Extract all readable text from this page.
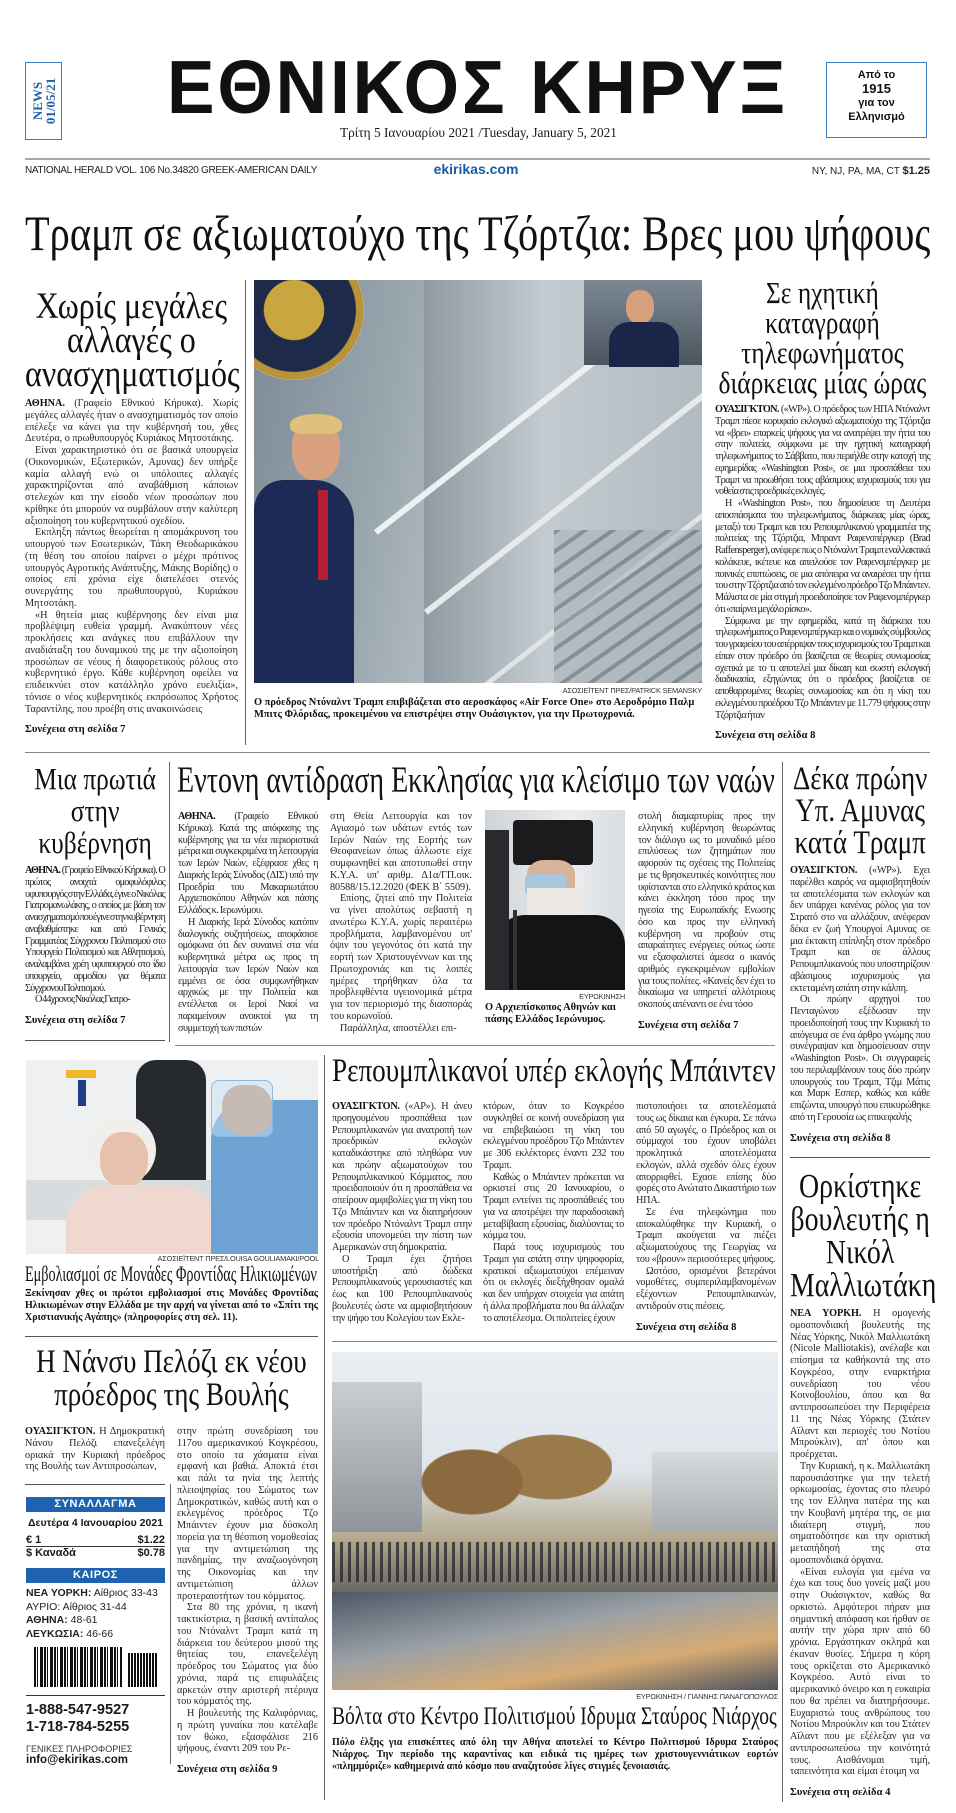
NEWS
01/05/21 ΕΘΝΙΚΟΣ ΚΗΡΥΞ
Τρίτη 5 Ιανουαρίου 2021 /Tuesday, January 5, 2021
Από το
1915
για τον
Ελληνισμό
NATIONAL HERALD VOL. 106 No.34820 GREEK-AMERICAN DAILY	ekirikas.com	NY, NJ, PA, MA, CT $1.25
Τραμπ σε αξιωματούχο της Τζόρτζια: Βρες μου ψήφους
Χωρίς μεγάλες αλλαγές ο ανασχηματισμός

ΑΘΗΝΑ. (Γραφείο Εθνικού Κήρυκα). Χωρίς μεγάλες αλλαγές ήταν ο ανασχηματισμός τον οποίο επέλεξε να κάνει για την κυβέρνησή του, χθες Δευτέρα, ο πρωθυπουργός Κυριάκος Μητσοτάκης.

Είναι χαρακτηριστικό ότι σε βασικά υπουργεία (Οικονομικών, Εξωτερικών, Αμυνας) δεν υπήρξε καμία αλλαγή ενώ οι υπόλοιπες αλλαγές χαρακτηρίζονται από αναβάθμιση κάποιων στελεχών και την είσοδο νέων προσώπων που κρίθηκε ότι μπορούν να συμβάλουν στην καλύτερη αξιοποίηση του κυβερνητικού σχεδίου.

Εκπληξη πάντως θεωρείται η απομάκρυνση του υπουργού των Εσωτερικών, Τάκη Θεοδωρικάκου (τη θέση του οποίου παίρνει ο μέχρι πρότινος υπουργός Αγροτικής Ανάπτυξης, Μάκης Βορίδης) ο οποίος επί χρόνια είχε διατελέσει στενός συνεργάτης του πρωθυπουργού, Κυριάκου Μητσοτάκη.

«Η θητεία μιας κυβέρνησης δεν είναι μια προβλέψιμη ευθεία γραμμή. Ανακύπτουν νέες προκλήσεις και ανάγκες που επιβάλλουν την αναδιάταξη του δυναμικού της με την αξιοποίηση προσώπων σε νέους ή διαφορετικούς ρόλους στο κυβερνητικό έργο. Κάθε κυβέρνηση οφείλει να επιδεικνύει στον κατάλληλο χρόνο ευελιξία», τόνισε ο νέος κυβερνητικός εκπρόσωπος Χρήστος Ταραντίλης, που προέβη στις ανακοινώσεις

Συνέχεια στη σελίδα 7
ΑΣΟΣΙΕΪΤΕΝΤ ΠΡΕΣ/PATRICK SEMANSKY

Ο πρόεδρος Ντόναλντ Τραμπ επιβιβάζεται στο αεροσκάφος «Air Force One» στο Αεροδρόμιο Παλμ Μπιτς Φλόριδας, προκειμένου να επιστρέψει στην Ουάσιγκτον, για την Πρωτοχρονιά.

Σε ηχητική καταγραφή τηλεφωνήματος διάρκειας μίας ώρας

ΟΥΑΣΙΓΚΤΟΝ. («WP»). Ο πρόεδρος των ΗΠΑ Ντόναλντ Τραμπ πίεσε κορυφαίο εκλογικό αξιωματούχο της Τζόρτζια να «βρει» επαρκείς ψήφους για να ανατρέψει την ήττα του στην πολιτεία, σύμφωνα με την ηχητική καταγραφή τηλεφωνήματος το Σάββατο, που περιήλθε στην κατοχή της εφημερίδας «Washington Post», σε μια προσπάθεια του Τραμπ να προωθήσει τους αβάσιμους ισχυρισμούς του για νοθεία στις προεδρικές εκλογές.

Η «Washington Post», που δημοσίευσε τη Δευτέρα αποσπάσματα του τηλεφωνήματος, διάρκειας μίας ώρας, μεταξύ του Τραμπ και του Ρεπουμπλικανού γραμματέα της πολιτείας της Τζόρτζια, Μπραντ Ραφενσπέργκερ (Brad Raffensperger), ανέφερε πως ο Ντόναλντ Τραμπ εναλλακτικά κολάκευε, ικέτευε και απειλούσε τον Ραφενσμπέργκερ με ποινικές επιπτώσεις, σε μια απόπειρα να αναιρέσει την ήττα του στην Τζόρτζια από τον εκλεγμένο πρόεδρο Τζο Μπάιντεν. Μάλιστα σε μία στιγμή προειδοποίησε τον Ραφενσμπέργκερ ότι «παίρνει μεγάλο ρίσκο».

Σύμφωνα με την εφημερίδα, κατά τη διάρκεια του τηλεφωνήματος ο Ραφενσμπέργκερ και ο νομικός σύμβουλος του γραφείου του απέρριψαν τους ισχυρισμούς του Τραμπ και είπαν στον πρόεδρο ότι βασίζεται σε θεωρίες συνωμοσίας σχετικά με το τι αποτελεί μια δίκαιη και σωστή εκλογική διαδικασία, εξηγώντας ότι ο πρόεδρος βασίζεται σε αποθαρρυμένες θεωρίες συνωμοσίας και ότι η νίκη του εκλεγμένου προέδρου Τζο Μπάιντεν με 11.779 ψήφους στην Τζόρτζια ήταν

Συνέχεια στη σελίδα 8
Μια πρωτιά στην κυβέρνηση

ΑΘΗΝΑ. (Γραφείο Εθνικού Κήρυκα). Ο πρώτος ανοιχτά ομοφυλόφιλος υφυπουργός στην Ελλάδα, έγινε ο Νικόλας Γιατρομανωλάκης, ο οποίος με βάση τον ανασχηματισμό που έγινε στην κυβέρνηση αναβαθμίστηκε και από Γενικός Γραμματέας Σύγχρονου Πολιτισμού στο Υπουργείο Πολιτισμού και Αθλητισμού, αναλαμβάνει χρέη υφυπουργού στο ίδιο υπουργείο, αρμοδίου για θέματα Σύγχρονου Πολιτισμού.

Ο 44χρονος Νικόλας Γιατρο-

Συνέχεια στη σελίδα 7
Εντονη αντίδραση Εκκλησίας για κλείσιμο των ναών

ΑΘΗΝΑ. (Γραφείο Εθνικού Κήρυκα). Κατά της απόφασης της κυβέρνησης για τα νέα περιοριστικά μέτρα και συγκεκριμένα τη λειτουργία των Ιερών Ναών, εξέφρασε χθες η Διαρκής Ιεράς Σύνοδος (ΔΙΣ) υπό την Προεδρία του Μακαριωτάτου Αρχιεπισκόπου Αθηνών και πάσης Ελλάδος κ. Ιερωνύμου.

Η Διαρκής Ιερά Σύνοδος κατόπιν διαλογικής συζητήσεως, αποφάσισε ομόφωνα ότι δεν συναινεί στα νέα κυβερνητικά μέτρα ως προς τη λειτουργία των Ιερών Ναών και εμμένει σε όσα συμφωνήθηκαν αρχικώς με την Πολιτεία και εντέλλεται οι Ιεροί Ναοί να παραμείνουν ανοικτοί για τη συμμετοχή των πιστών

στη Θεία Λειτουργία και τον Αγιασμό των υδάτων εντός των Ιερών Ναών της Εορτής των Θεοφανείων όπως άλλωστε είχε συμφωνηθεί και αποτυπωθεί στην Κ.Υ.Α. υπ' αριθμ. Δ1α/ΓΠ.οικ. 80588/15.12.2020 (ΦΕΚ Β΄ 5509).

Επίσης, ζητεί από την Πολιτεία να γίνει απολύτως σεβαστή η ανωτέρω Κ.Υ.Α. χωρίς περαιτέρω προβλήματα, λαμβανομένου υπ' όψιν του γεγονότος ότι κατά την εορτή των Χριστουγέννων και της Πρωτοχρονιάς και τις λοιπές ημέρες τηρήθηκαν όλα τα προβλεφθέντα υγειονομικά μέτρα για τον περιορισμό της διασποράς του κορωνοϊού.

Παράλληλα, αποστέλλει επι-

ΕΥΡΩΚΙΝΗΣΗ

Ο Αρχιεπίσκοπος Αθηνών και πάσης Ελλάδος Ιερώνυμος.

στολή διαμαρτυρίας προς την ελληνική κυβέρνηση θεωρώντας τον διάλογο ως το μοναδικό μέσο επιλύσεως των ζητημάτων που αφορούν τις σχέσεις της Πολιτείας με τις θρησκευτικές κοινότητες που υφίστανται στο ελληνικό κράτος και κάνει έκκληση τόσο προς την ηγεσία της Ευρωπαϊκής Ενωσης όσο και προς την ελληνική κυβέρνηση να προβούν στις απαραίτητες ενέργειες ούτως ώστε να εξασφαλιστεί άμεσα ο ικανός αριθμός εγκεκριμένων εμβολίων για τους πολίτες. «Κανείς δεν έχει το δικαίωμα να υπηρετεί αλλότριους σκοπούς απέναντι σε ένα τόσο

Συνέχεια στη σελίδα 7
Δέκα πρώην Υπ. Αμυνας κατά Τραμπ

ΟΥΑΣΙΓΚΤΟΝ. («WP»). Εχει παρέλθει καιρός να αμφισβητηθούν τα αποτελέσματα των εκλογών και δεν υπάρχει κανένας ρόλος για τον Στρατό στο να αλλάξουν, ανέφεραν δέκα εν ζωή Υπουργοί Αμυνας σε μια έκτακτη επίπληξη στον πρόεδρο Τραμπ και σε άλλους Ρεπουμπλικανούς που υποστηρίζουν αβάσιμους ισχυρισμούς για εκτεταμένη απάτη στην κάλπη.

Οι πρώην αρχηγοί του Πενταγώνου εξέδωσαν την προειδοποίησή τους την Κυριακή το απόγευμα σε ένα άρθρο γνώμης που συνέγραψαν και δημοσίευσαν στην «Washington Post». Οι συγγραφείς του περιλαμβάνουν τους δύο πρώην υπουργούς του Τραμπ, Τζιμ Μάτις και Μαρκ Εσπερ, καθώς και κάθε επιζώντα, υπουργό που επικυρώθηκε από τη Γερουσία ως επικεφαλής

Συνέχεια στη σελίδα 8
ΑΣΟΣΙΕΪΤΕΝΤ ΠΡΕΣ/LOUISA GOULIAMAKI/POOL
Εμβολιασμοί σε Μονάδες Φροντίδας Ηλικιωμένων

Ξεκίνησαν χθες οι πρώτοι εμβολιασμοί στις Μονάδες Φροντίδας Ηλικιωμένων στην Ελλάδα με την αρχή να γίνεται από το «Σπίτι της Χριστιανικής Αγάπης» (πληροφορίες στη σελ. 11).

Ρεπουμπλικανοί υπέρ εκλογής Μπάιντεν

ΟΥΑΣΙΓΚΤΟΝ. («AP»). Η άνευ προηγουμένου προσπάθεια των Ρεπουμπλικανών για ανατροπή των προεδρικών εκλογών καταδικάστηκε από πληθώρα νυν και πρώην αξιωματούχων του Ρεπουμπλικανικού Κόμματος, που προειδοποιούν ότι η προσπάθεια να σπείρουν αμφιβολίες για τη νίκη του Τζο Μπάιντεν και να διατηρήσουν τον πρόεδρο Ντόναλντ Τραμπ στην εξουσία υπονομεύει την πίστη των Αμερικανών στη δημοκρατία.

Ο Τραμπ έχει ζητήσει υποστήριξη από δώδεκα Ρεπουμπλικανούς γερουσιαστές και έως και 100 Ρεπουμπλικανούς βουλευτές ώστε να αμφισβητήσουν την ψήφο του Κολεγίου των Εκλε-

κτόρων, όταν το Κογκρέσο συγκληθεί σε κοινή συνεδρίαση για να επιβεβαιώσει τη νίκη του εκλεγμένου προέδρου Τζο Μπάιντεν με 306 εκλέκτορες έναντι 232 του Τραμπ.

Καθώς ο Μπάιντεν πρόκειται να ορκιστεί στις 20 Ιανουαρίου, ο Τραμπ εντείνει τις προσπάθειές του για να αποτρέψει την παραδοσιακή μεταβίβαση εξουσίας, διαλύοντας το κόμμα του.

Παρά τους ισχυρισμούς του Τραμπ για απάτη στην ψηφοφορία, κρατικοί αξιωματούχοι επέμειναν ότι οι εκλογές διεξήχθησαν ομαλά και δεν υπήρχαν στοιχεία για απάτη ή άλλα προβλήματα που θα άλλαζαν το αποτέλεσμα. Οι πολιτείες έχουν

πιστοποιήσει τα αποτελέσματά τους ως δίκαια και έγκυρα. Σε πάνω από 50 αγωγές, ο Πρόεδρος και οι σύμμαχοί του έχουν υποβάλει προκλητικά αποτελέσματα εκλογών, αλλά σχεδόν όλες έχουν απορριφθεί. Εχασε επίσης δύο φορές στο Ανώτατο Δικαστήριο των ΗΠΑ.

Σε ένα τηλεφώνημα που αποκαλύφθηκε την Κυριακή, ο Τραμπ ακούγεται να πιέζει αξιωματούχους της Γεωργίας να του «βρουν» περισσότερες ψήφους.

Ωστόσο, ορισμένοι βετεράνοι νομοθέτες, συμπεριλαμβανομένων εξέχοντων Ρεπουμπλικανών, αντιδρούν στις πιέσεις.

Συνέχεια στη σελίδα 8
Ορκίστηκε βουλευτής η Νικόλ Μαλλιωτάκη

ΝΕΑ ΥΟΡΚΗ. Η ομογενής ομοσπονδιακή βουλευτής της Νέας Υόρκης, Νικόλ Μαλλιωτάκη (Nicole Malliotakis), ανέλαβε και επίσημα τα καθήκοντά της στο Κογκρέσο, στην εναρκτήρια συνεδρίαση του νέου Κοινοβουλίου, όπου και θα αντιπροσωπεύσει την Περιφέρεια 11 της Νέας Υόρκης (Στάτεν Αϊλαντ και περιοχές του Νοτίου Μπρούκλιν), απ' όπου και προέρχεται.

Την Κυριακή, η κ. Μαλλιωτάκη παρουσιάστηκε για την τελετή ορκωμοσίας, έχοντας στο πλευρό της τον Ελληνα πατέρα της και την Κουβανή μητέρα της, σε μια ιδιαίτερη στιγμή, που σηματοδότησε και την οριστική μεταπήδησή της στα ομοσπονδιακά όργανα.

«Είναι ευλογία για εμένα να έχω και τους δυο γονείς μαζί μου στην Ουάσιγκτον, καθώς θα ορκιστώ. Αμφότεροι πήραν μια σημαντική απόφαση και ήρθαν σε αυτήν την χώρα πριν από 60 χρόνια. Εργάστηκαν σκληρά και έκαναν θυσίες. Σήμερα η κόρη τους ορκίζεται στο Αμερικανικό Κογκρέσο. Αυτό είναι το αμερικανικό όνειρο και η ευκαιρία που θα πρέπει να διατηρήσουμε. Ευχαριστώ τους ανθρώπους του Νοτίου Μπρούκλιν και του Στάτεν Αϊλαντ που με εξέλεξαν για να αντιπροσωπεύσω την κοινότητά τους. Αισθάνομαι τιμή, ταπεινότητα και είμαι έτοιμη να

Συνέχεια στη σελίδα 4
Η Νάνσυ Πελόζι εκ νέου πρόεδρος της Βουλής

ΟΥΑΣΙΓΚΤΟΝ. Η Δημοκρατική Νάνσυ Πελόζι επανεξελέγη οριακά την Κυριακή πρόεδρος της Βουλής των Αντιπροσώπων,

στην πρώτη συνεδρίαση του 117ου αμερικανικού Κογκρέσου, στο οποίο τα χάσματα είναι εμφανή και βαθιά. Αποκτά έτσι και πάλι τα ηνία της λεπτής πλειοψηφίας του Σώματος των Δημοκρατικών, καθώς αυτή και ο εκλεγμένος πρόεδρος Τζο Μπάιντεν έχουν μια δύσκολη πορεία για τη θέσπιση νομοθεσίας για την αντιμετώπιση της πανδημίας, την αναζωογόνηση της Οικονομίας και την αντιμετώπιση άλλων προτεραιοτήτων του κόμματος.

Στα 80 της χρόνια, η ικανή τακτικίστρια, η βασική αντίπαλος του Ντόναλντ Τραμπ κατά τη διάρκεια του δεύτερου μισού της θητείας του, επανεξελέγη πρόεδρος του Σώματος για δύο χρόνια, παρά τις επιφυλάξεις αρκετών στην αριστερή πτέρυγα του κόμματός της.

Η βουλευτής της Καλιφόρνιας, η πρώτη γυναίκα που κατέλαβε τον θώκο, εξασφάλισε 216 ψήφους, έναντι 209 του Ρε-

Συνέχεια στη σελίδα 9
ΣΥΝΑΛΛΑΓΜΑ
Δευτέρα 4 Ιανουαρίου 2021
€ 1	$1.22
$ Καναδά	$0.78
ΚΑΙΡΟΣ
ΝΕΑ ΥΟΡΚΗ: Αίθριος 33-43
ΑΥΡΙΟ: Αίθριος 31-44
ΑΘΗΝΑ: 48-61
ΛΕΥΚΩΣΙΑ: 46-66
1-888-547-9527
1-718-784-5255
ΓΕΝΙΚΕΣ ΠΛΗΡΟΦΟΡΙΕΣ
info@ekirikas.com
ΕΥΡΩΚΙΝΗΣΗ / ΓΙΑΝΝΗΣ ΠΑΝΑΓΟΠΟΥΛΟΣ
Βόλτα στο Κέντρο Πολιτισμού Ιδρυμα Σταύρος Νιάρχος

Πόλο έλξης για επισκέπτες από όλη την Αθήνα αποτελεί το Κέντρο Πολιτισμού Ιδρυμα Σταύρος Νιάρχος. Την περίοδο της καραντίνας και ειδικά τις ημέρες των χριστουγεννιάτικων εορτών «πλημμύριζε» καθημερινά από κόσμο που αναζητούσε λίγες στιγμές ξενοιασιάς.
